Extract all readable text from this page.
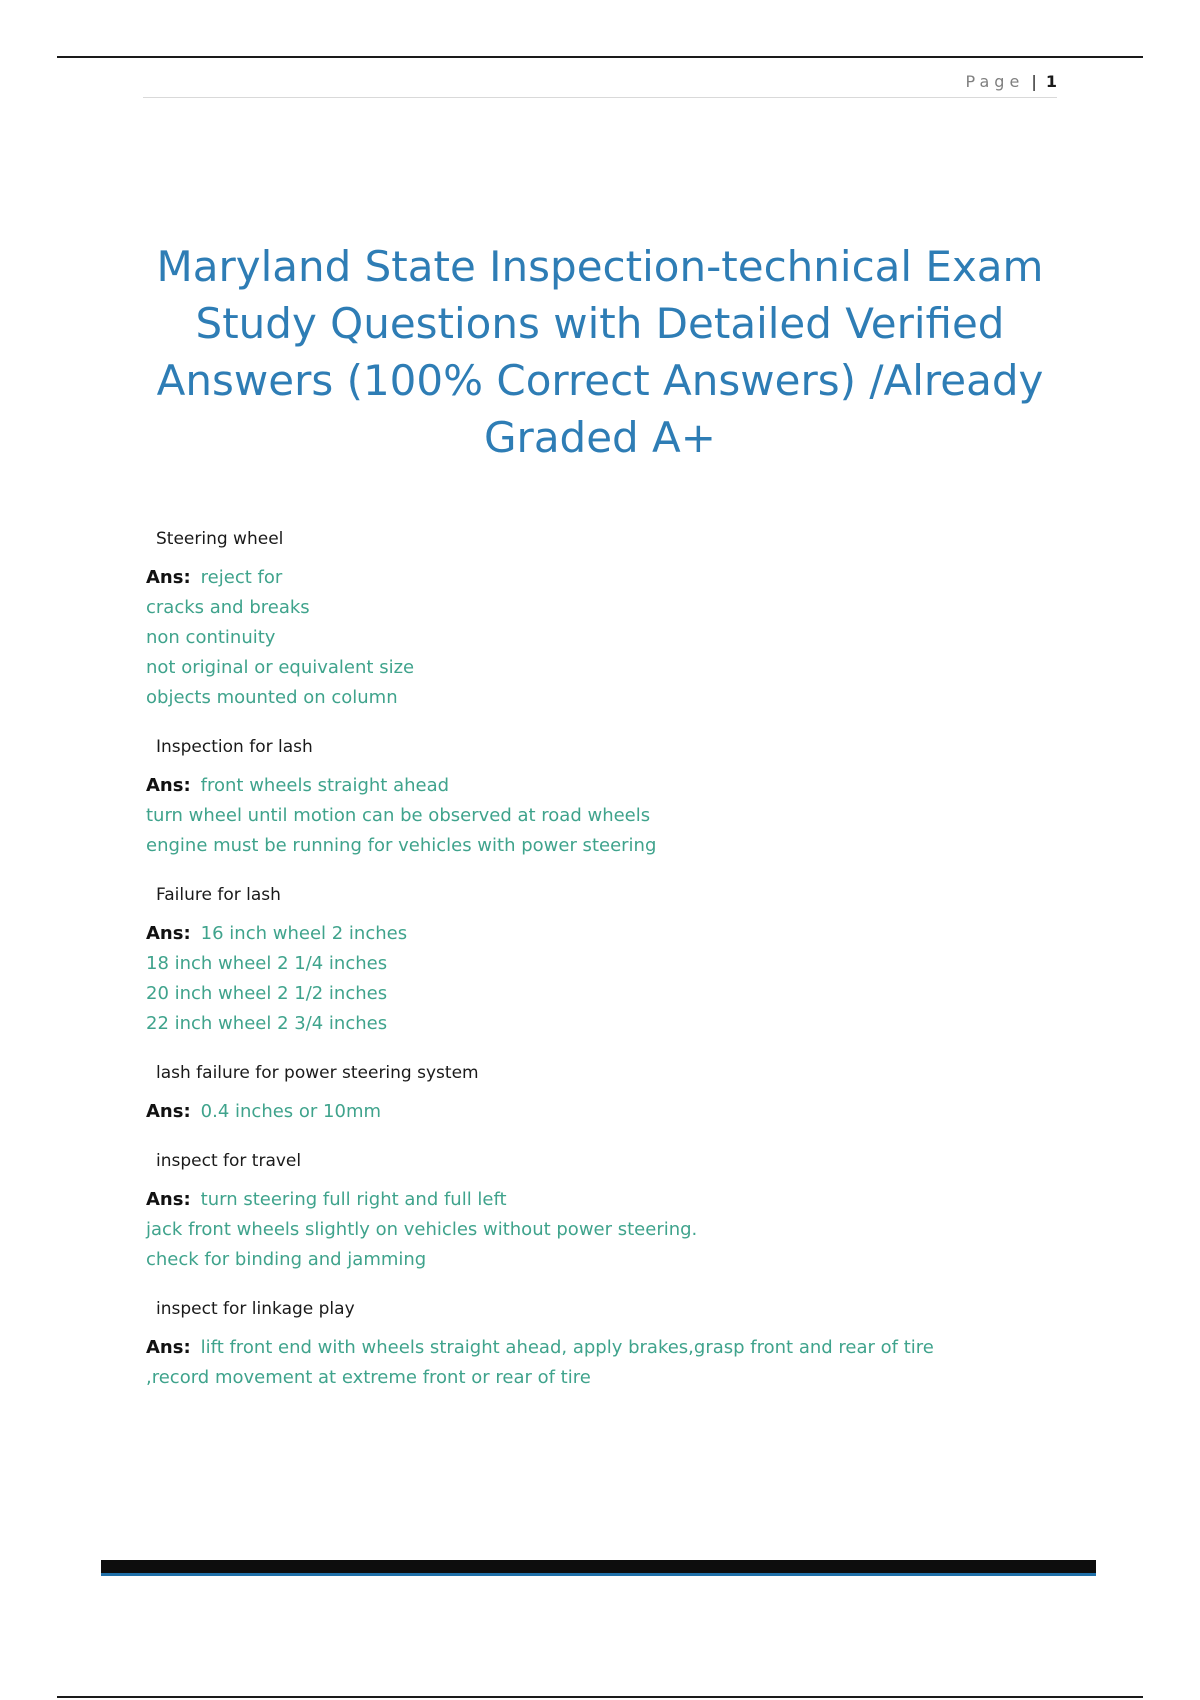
Page | 1
Maryland State Inspection-technical Exam Study Questions with Detailed Verified Answers (100% Correct Answers) /Already Graded A+

Steering wheel

Ans: reject for
cracks and breaks
non continuity
not original or equivalent size
objects mounted on column

Inspection for lash

Ans: front wheels straight ahead
turn wheel until motion can be observed at road wheels
engine must be running for vehicles with power steering

Failure for lash

Ans: 16 inch wheel 2 inches
18 inch wheel 2 1/4 inches
20 inch wheel 2 1/2 inches
22 inch wheel 2 3/4 inches

lash failure for power steering system

Ans: 0.4 inches or 10mm

inspect for travel

Ans: turn steering full right and full left
jack front wheels slightly on vehicles without power steering.
check for binding and jamming

inspect for linkage play

Ans: lift front end with wheels straight ahead, apply brakes,grasp front and rear of tire
,record movement at extreme front or rear of tire
